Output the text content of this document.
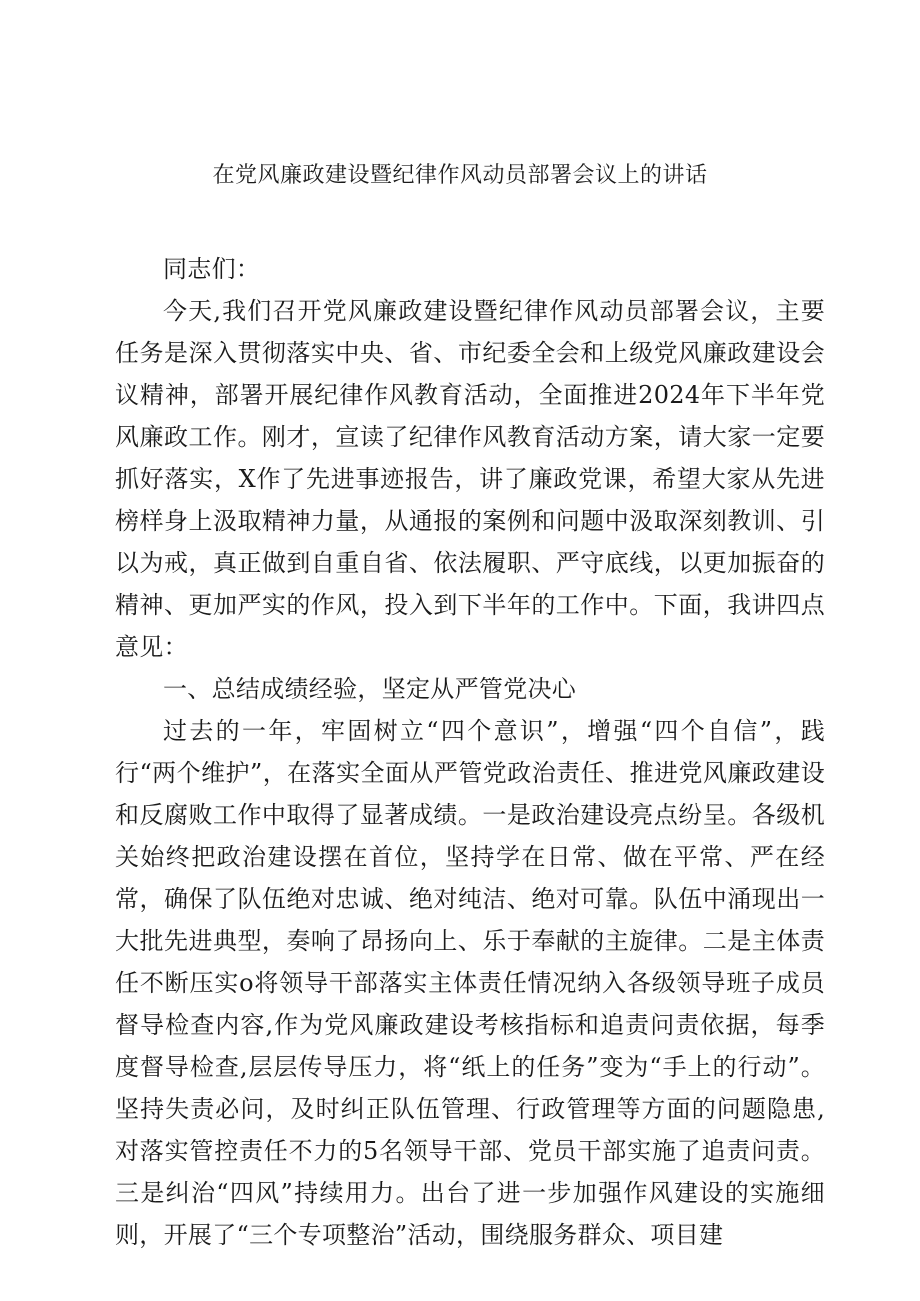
在党风廉政建设暨纪律作风动员部署会议上的讲话

同志们：

今天,我们召开党风廉政建设暨纪律作风动员部署会议，主要任务是深入贯彻落实中央、省、市纪委全会和上级党风廉政建设会议精神，部署开展纪律作风教育活动，全面推进2024年下半年党风廉政工作。刚才，宣读了纪律作风教育活动方案，请大家一定要抓好落实，X作了先进事迹报告，讲了廉政党课，希望大家从先进榜样身上汲取精神力量，从通报的案例和问题中汲取深刻教训、引以为戒，真正做到自重自省、依法履职、严守底线，以更加振奋的精神、更加严实的作风，投入到下半年的工作中。下面，我讲四点意见：

一、总结成绩经验，坚定从严管党决心

过去的一年，牢固树立“四个意识”，增强“四个自信”，践行“两个维护”，在落实全面从严管党政治责任、推进党风廉政建设和反腐败工作中取得了显著成绩。一是政治建设亮点纷呈。各级机关始终把政治建设摆在首位，坚持学在日常、做在平常、严在经常，确保了队伍绝对忠诚、绝对纯洁、绝对可靠。队伍中涌现出一大批先进典型，奏响了昂扬向上、乐于奉献的主旋律。二是主体责任不断压实o将领导干部落实主体责任情况纳入各级领导班子成员督导检查内容,作为党风廉政建设考核指标和追责问责依据，每季度督导检查,层层传导压力，将“纸上的任务”变为“手上的行动”。坚持失责必问，及时纠正队伍管理、行政管理等方面的问题隐患,对落实管控责任不力的5名领导干部、党员干部实施了追责问责。三是纠治“四风”持续用力。出台了进一步加强作风建设的实施细则，开展了“三个专项整治”活动，围绕服务群众、项目建
